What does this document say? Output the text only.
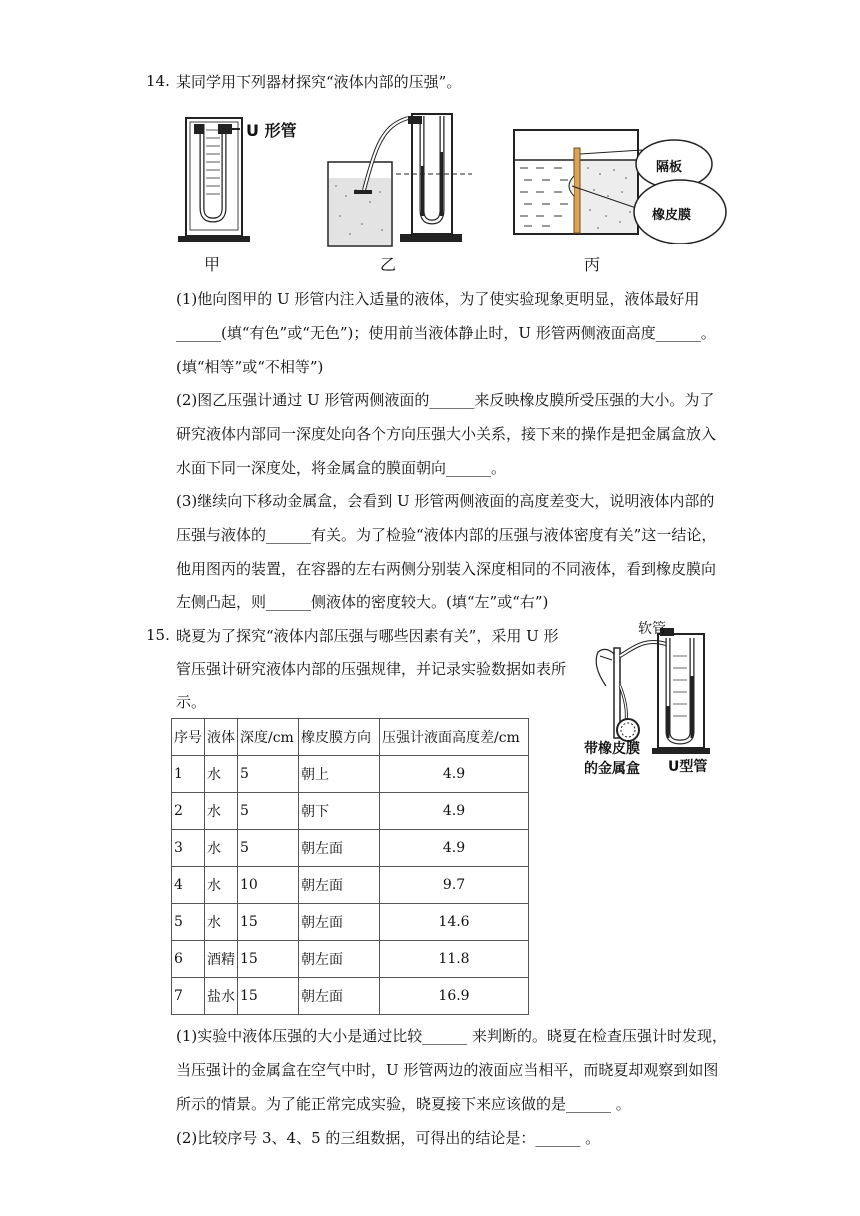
14. 某同学用下列器材探究“液体内部的压强”。
U 形管
甲	乙
隔板
橡皮膜
丙
(1)他向图甲的 U 形管内注入适量的液体，为了使实验现象更明显，液体最好用
______(填“有色”或“无色”)；使用前当液体静止时，U 形管两侧液面高度______。
(填“相等”或“不相等”)
(2)图乙压强计通过 U 形管两侧液面的______来反映橡皮膜所受压强的大小。为了
研究液体内部同一深度处向各个方向压强大小关系，接下来的操作是把金属盒放入
水面下同一深度处，将金属盒的膜面朝向______。
(3)继续向下移动金属盒，会看到 U 形管两侧液面的高度差变大，说明液体内部的
压强与液体的______有关。为了检验“液体内部的压强与液体密度有关”这一结论，
他用图丙的装置，在容器的左右两侧分别装入深度相同的不同液体，看到橡皮膜向
左侧凸起，则______侧液体的密度较大。(填“左”或“右”)
15. 晓夏为了探究“液体内部压强与哪些因素有关”，采用 U 形
管压强计研究液体内部的压强规律，并记录实验数据如表所
示。
软管
带橡皮膜
的金属盒 U型管
序号	液体	深度/cm	橡皮膜方向	压强计液面高度差/cm
1	水	5	朝上	4.9
2	水	5	朝下	4.9
3	水	5	朝左面	4.9
4	水	10	朝左面	9.7
5	水	15	朝左面	14.6
6	酒精	15	朝左面	11.8
7	盐水	15	朝左面	16.9
(1)实验中液体压强的大小是通过比较______ 来判断的。晓夏在检查压强计时发现，
当压强计的金属盒在空气中时，U 形管两边的液面应当相平，而晓夏却观察到如图
所示的情景。为了能正常完成实验，晓夏接下来应该做的是______ 。
(2)比较序号 3、4、5 的三组数据，可得出的结论是：______ 。
